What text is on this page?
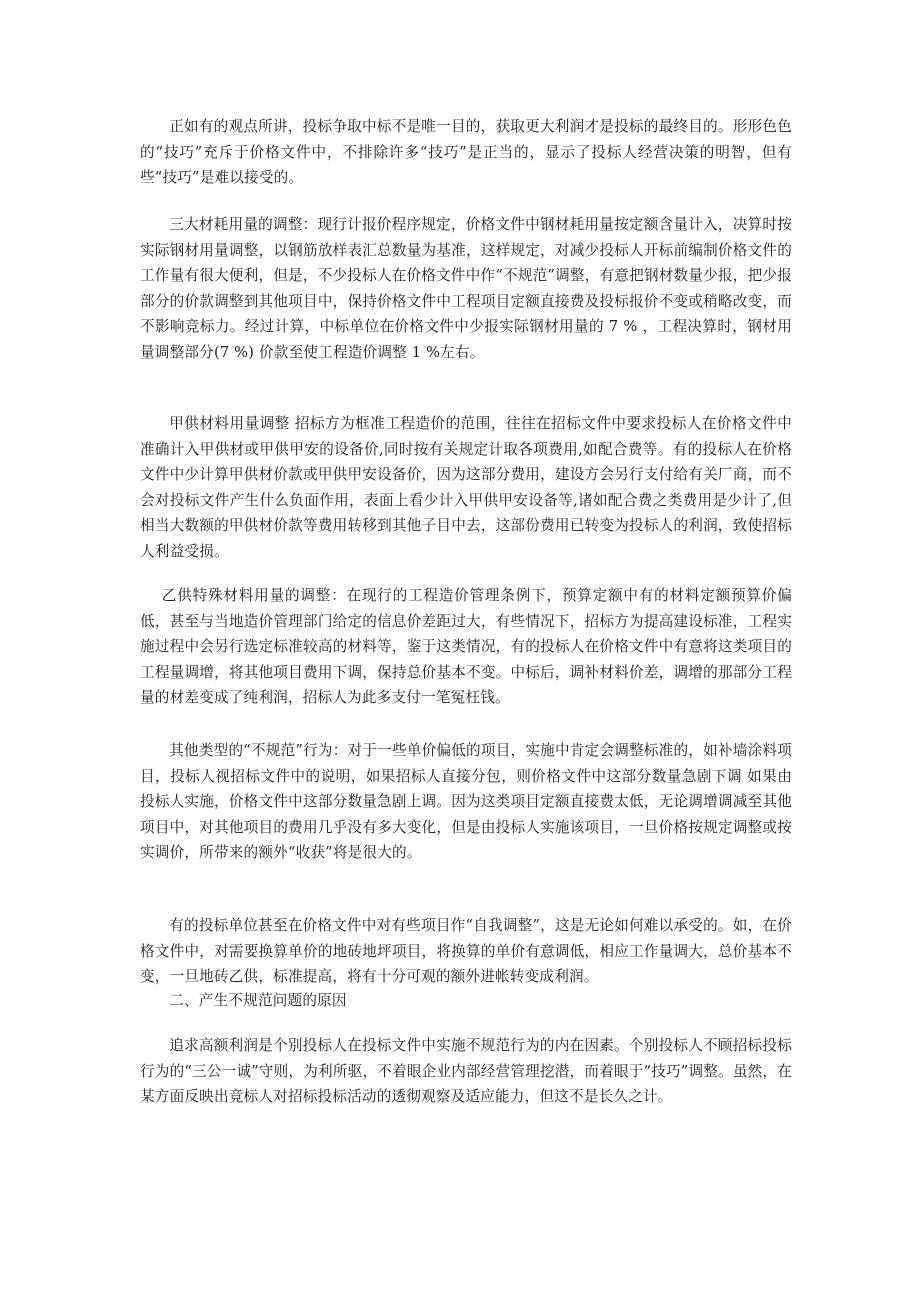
正如有的观点所讲，投标争取中标不是唯一目的，获取更大利润才是投标的最终目的。形形色色的“技巧”充斥于价格文件中，不排除许多“技巧”是正当的，显示了投标人经营决策的明智，但有些“技巧”是难以接受的。

三大材耗用量的调整：现行计报价程序规定，价格文件中钢材耗用量按定额含量计入，决算时按实际钢材用量调整，以钢筋放样表汇总数量为基准，这样规定，对减少投标人开标前编制价格文件的工作量有很大便利，但是，不少投标人在价格文件中作“不规范”调整，有意把钢材数量少报，把少报部分的价款调整到其他项目中，保持价格文件中工程项目定额直接费及投标报价不变或稍略改变，而不影响竞标力。经过计算，中标单位在价格文件中少报实际钢材用量的 7 % ，工程决算时，钢材用量调整部分(7 %) 价款至使工程造价调整 1 %左右。

甲供材料用量调整 招标方为框准工程造价的范围，往往在招标文件中要求投标人在价格文件中准确计入甲供材或甲供甲安的设备价,同时按有关规定计取各项费用,如配合费等。有的投标人在价格文件中少计算甲供材价款或甲供甲安设备价，因为这部分费用，建设方会另行支付给有关厂商，而不会对投标文件产生什么负面作用，表面上看少计入甲供甲安设备等,诸如配合费之类费用是少计了,但相当大数额的甲供材价款等费用转移到其他子目中去，这部份费用已转变为投标人的利润，致使招标人利益受损。

乙供特殊材料用量的调整：在现行的工程造价管理条例下，预算定额中有的材料定额预算价偏低，甚至与当地造价管理部门给定的信息价差距过大，有些情况下，招标方为提高建设标准，工程实施过程中会另行选定标准较高的材料等，鉴于这类情况，有的投标人在价格文件中有意将这类项目的工程量调增，将其他项目费用下调，保持总价基本不变。中标后，调补材料价差，调增的那部分工程量的材差变成了纯利润，招标人为此多支付一笔冤枉钱。

其他类型的“不规范”行为：对于一些单价偏低的项目，实施中肯定会调整标准的，如补墙涂料项目，投标人视招标文件中的说明，如果招标人直接分包，则价格文件中这部分数量急剧下调 如果由投标人实施，价格文件中这部分数量急剧上调。因为这类项目定额直接费太低，无论调增调减至其他项目中，对其他项目的费用几乎没有多大变化，但是由投标人实施该项目，一旦价格按规定调整或按实调价，所带来的额外“收获”将是很大的。

有的投标单位甚至在价格文件中对有些项目作“自我调整”，这是无论如何难以承受的。如，在价格文件中，对需要换算单价的地砖地坪项目，将换算的单价有意调低，相应工作量调大，总价基本不变，一旦地砖乙供，标准提高，将有十分可观的额外进帐转变成利润。

二、产生不规范问题的原因

追求高额利润是个别投标人在投标文件中实施不规范行为的内在因素。个别投标人不顾招标投标行为的“三公一诚”守则，为利所驱，不着眼企业内部经营管理挖潜，而着眼于“技巧”调整。虽然，在某方面反映出竞标人对招标投标活动的透彻观察及适应能力，但这不是长久之计。
